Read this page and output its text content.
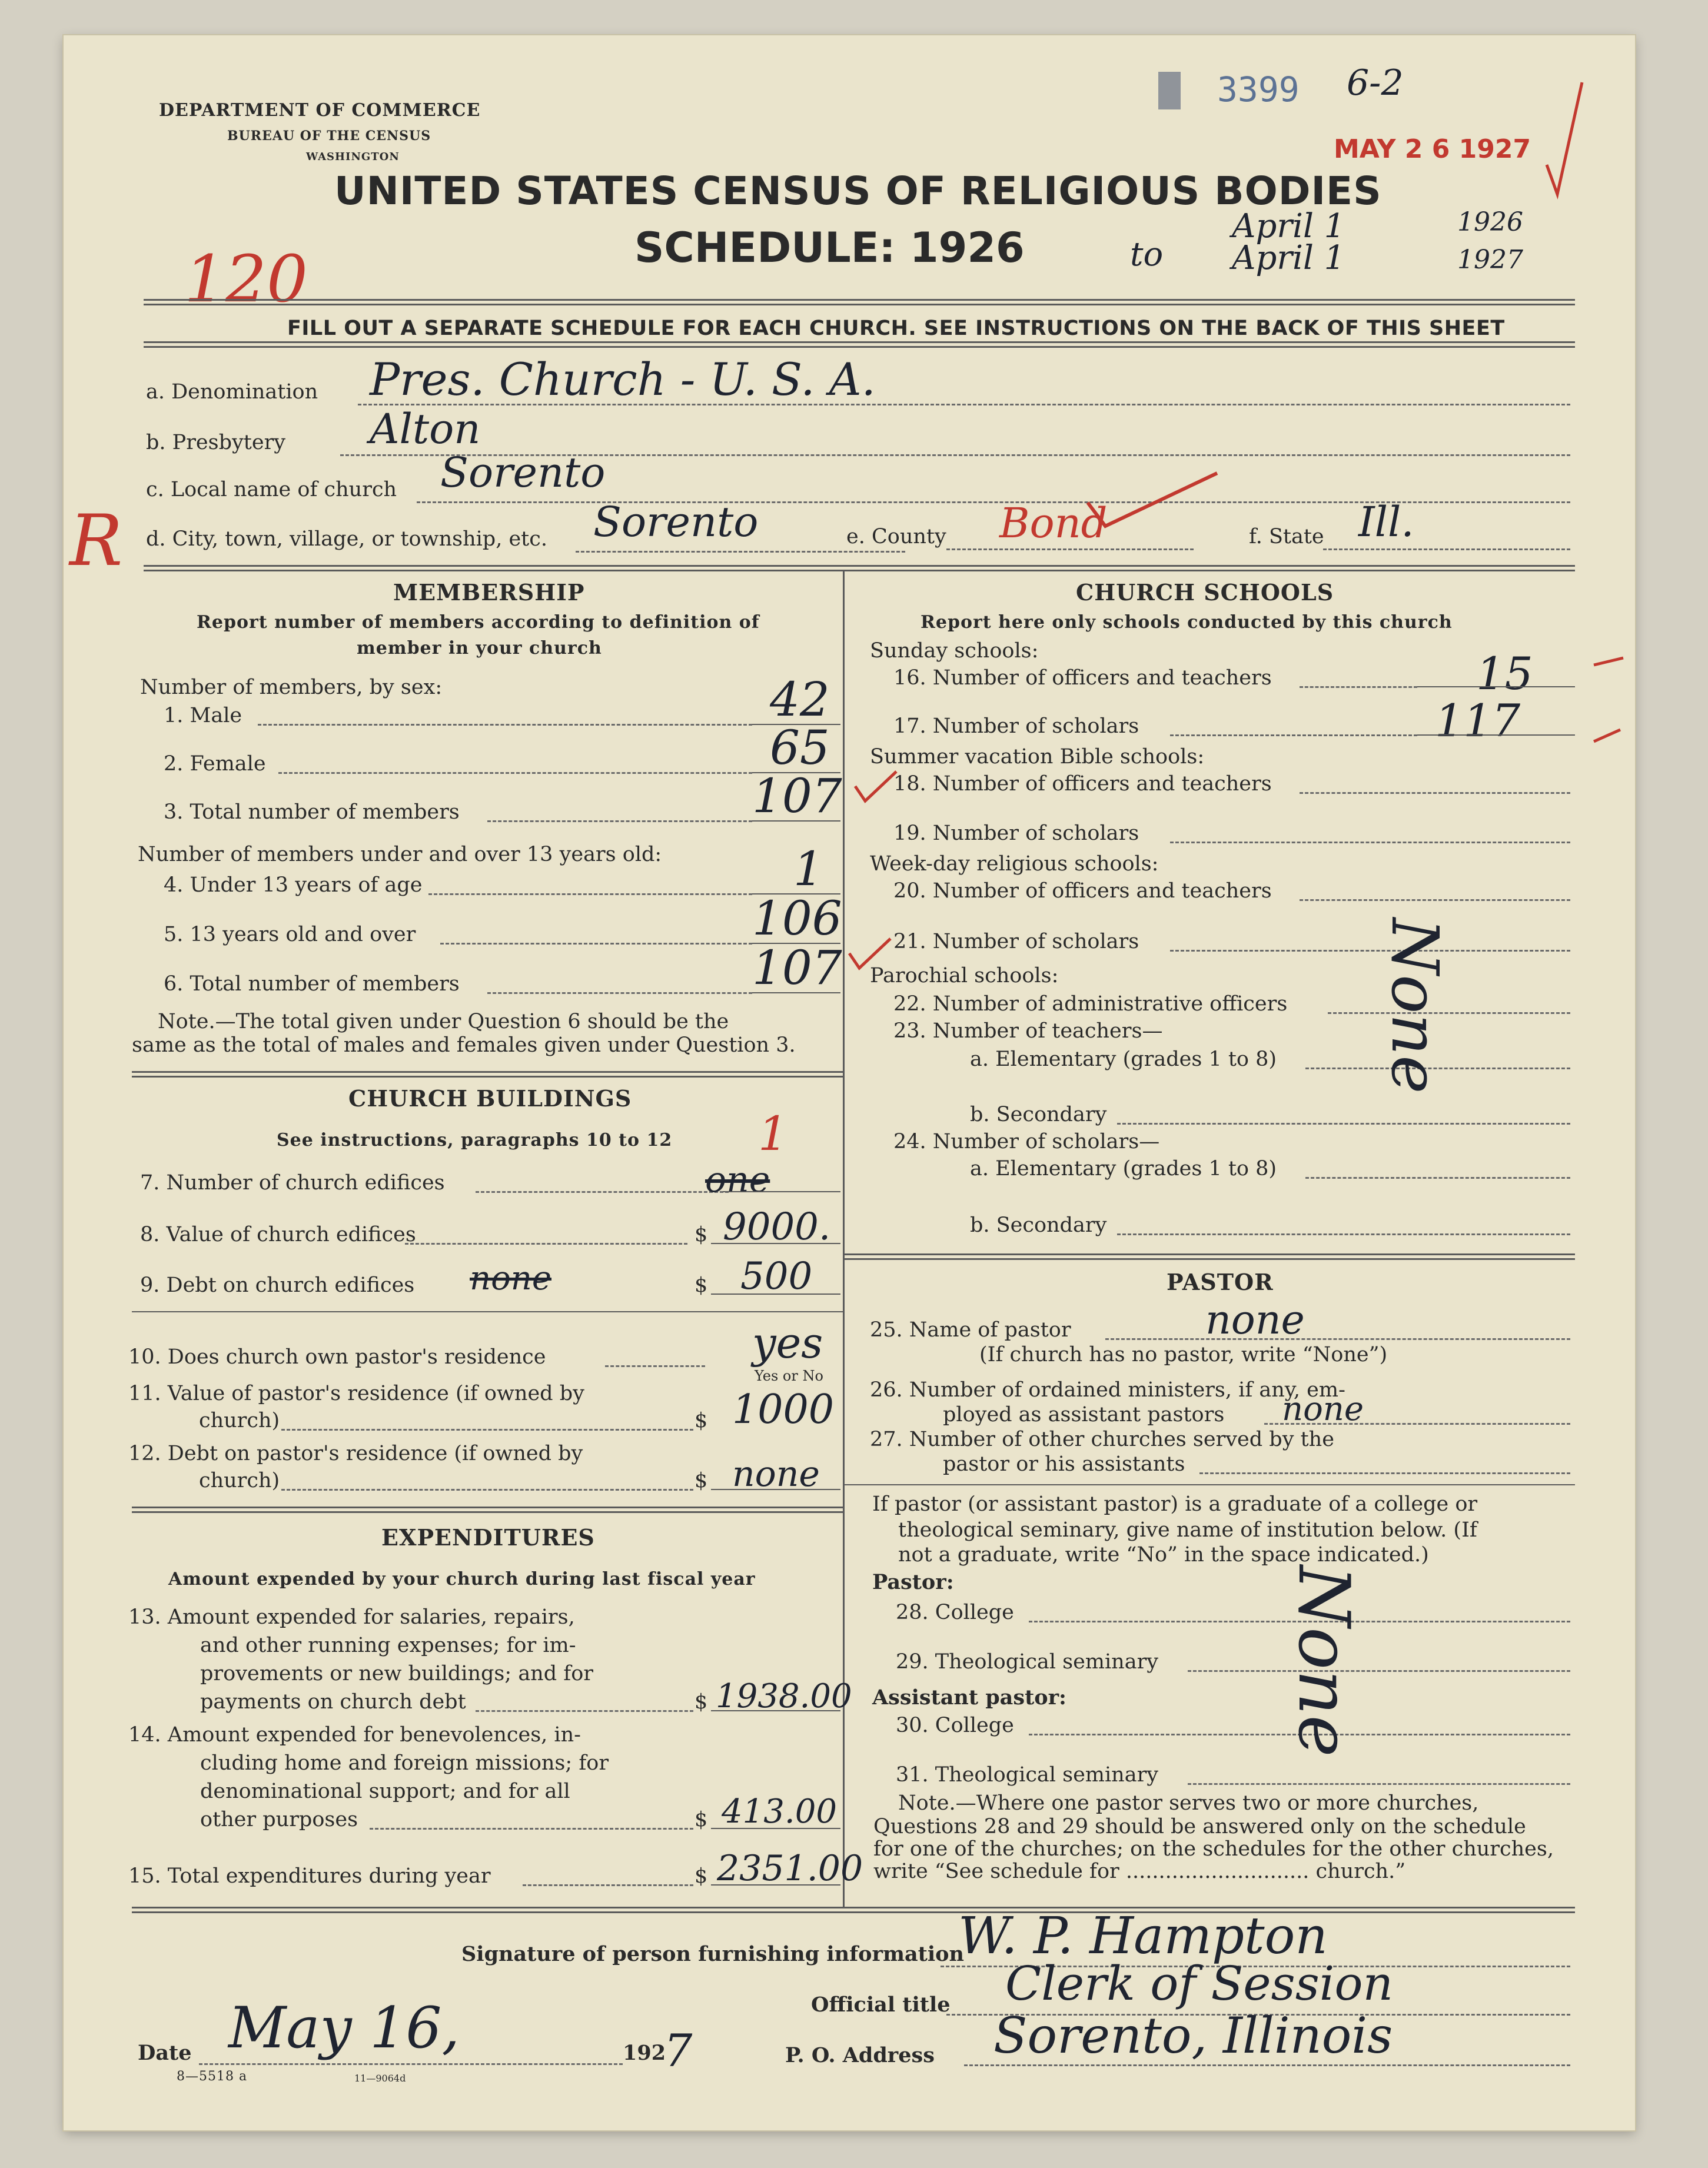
DEPARTMENT OF COMMERCE
BUREAU OF THE CENSUS
WASHINGTON
3399 6-2
MAY 2 6 1927
UNITED STATES CENSUS OF RELIGIOUS BODIES
120	SCHEDULE: 1926	to
April 1	1926
April 1	1927
FILL OUT A SEPARATE SCHEDULE FOR EACH CHURCH. SEE INSTRUCTIONS ON THE BACK OF THIS SHEET
a. Denomination Pres. Church - U. S. A.
b. Presbytery Alton
c. Local name of church Sorento
R d. City, town, village, or township, etc. Sorento	e. County Bond	f. State Ill.
MEMBERSHIP
Report number of members according to definition of
member in your church
Number of members, by sex:
1. Male	42
2. Female	65
3. Total number of members	107
Number of members under and over 13 years old:
4. Under 13 years of age	1
5. 13 years old and over	106
6. Total number of members	107
Note.—The total given under Question 6 should be the
same as the total of males and females given under Question 3.
CHURCH BUILDINGS
See instructions, paragraphs 10 to 12
7. Number of church edifices	one
1
8. Value of church edifices	$ 9000.
9. Debt on church edifices none	$ 500
10. Does church own pastor's residence	yes
Yes or No
11. Value of pastor's residence (if owned by
church)	$ 1000
12. Debt on pastor's residence (if owned by
church)	$ none
EXPENDITURES
Amount expended by your church during last fiscal year
13. Amount expended for salaries, repairs,
and other running expenses; for im-
provements or new buildings; and for
payments on church debt	$ 1938.00
14. Amount expended for benevolences, in-
cluding home and foreign missions; for
denominational support; and for all
other purposes	$ 413.00
15. Total expenditures during year	$ 2351.00
CHURCH SCHOOLS
Report here only schools conducted by this church
Sunday schools:
16. Number of officers and teachers	15
17. Number of scholars	117
Summer vacation Bible schools:
18. Number of officers and teachers
19. Number of scholars
Week-day religious schools:
20. Number of officers and teachers
21. Number of scholars
Parochial schools:
22. Number of administrative officers
23. Number of teachers—
a. Elementary (grades 1 to 8)
b. Secondary
24. Number of scholars—
a. Elementary (grades 1 to 8)
b. Secondary
None
PASTOR
25. Name of pastor	none
(If church has no pastor, write “None”)
26. Number of ordained ministers, if any, em-
ployed as assistant pastors none
27. Number of other churches served by the
pastor or his assistants
If pastor (or assistant pastor) is a graduate of a college or
theological seminary, give name of institution below. (If
not a graduate, write “No” in the space indicated.)
Pastor:
28. College
29. Theological seminary
Assistant pastor:
30. College
31. Theological seminary
None
Note.—Where one pastor serves two or more churches,
Questions 28 and 29 should be answered only on the schedule
for one of the churches; on the schedules for the other churches,
write “See schedule for ............................ church.”
Signature of person furnishing information
W. P. Hampton
Official title Clerk of Session
Date May 16,	192
7
8—5518 a	11—9064d
P. O. Address Sorento, Illinois
